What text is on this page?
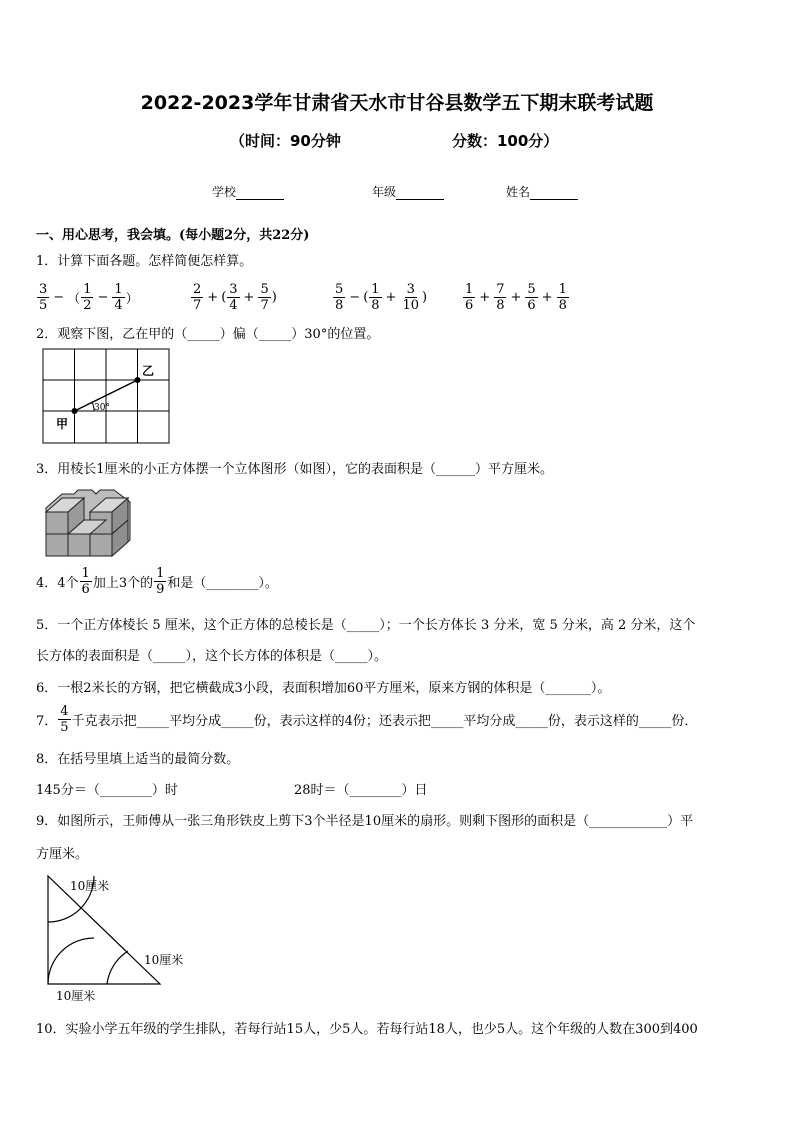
2022-2023学年甘肃省天水市甘谷县数学五下期末联考试题
（时间：90分钟	分数：100分）
学校	年级	姓名
一、用心思考，我会填。(每小题2分，共22分)
1．计算下面各题。怎样简便怎样算。
$\frac{3}{5}$ − （ $\frac{1}{2} - \frac{1}{4}$ ）	$\frac{2}{7}$ + ( $\frac{3}{4} + \frac{5}{7}$ )	$\frac{5}{8}$ − ( $\frac{1}{8} + \frac{3}{10}$ )	$\frac{1}{6} + \frac{7}{8} + \frac{5}{6} + \frac{1}{8}$
2．观察下图，乙在甲的（_____）偏（_____）30°的位置。
甲
乙
30°
3．用棱长1厘米的小正方体摆一个立体图形（如图），它的表面积是（______）平方厘米。
4．4个 $\frac{1}{6}$ 加上3个的 $\frac{1}{9}$ 和是（________）。
5．一个正方体棱长 5 厘米，这个正方体的总棱长是（_____）；一个长方体长 3 分米，宽 5 分米，高 2 分米，这个
长方体的表面积是（_____），这个长方体的体积是（_____）。
6．一根2米长的方钢，把它横截成3小段，表面积增加60平方厘米，原来方钢的体积是（_______）。
7． $\frac{4}{5}$ 千克表示把_____平均分成_____份，表示这样的4份；还表示把_____平均分成_____份，表示这样的_____份．
8．在括号里填上适当的最简分数。
145分＝（________）时	28时＝（________）日
9．如图所示，王师傅从一张三角形铁皮上剪下3个半径是10厘米的扇形。则剩下图形的面积是（____________）平
方厘米。
10厘米
10厘米
10厘米
10．实验小学五年级的学生排队，若每行站15人，少5人。若每行站18人，也少5人。这个年级的人数在300到400
